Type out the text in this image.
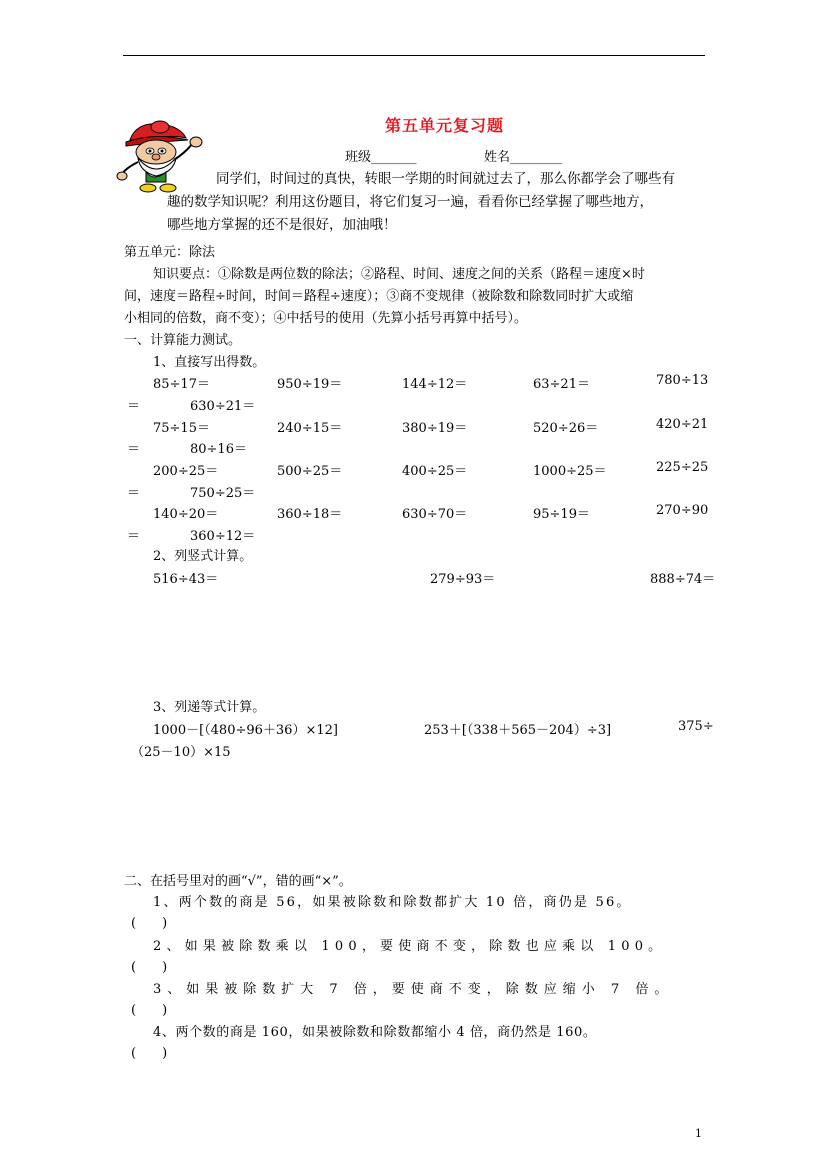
第五单元复习题
班级_______	姓名________
同学们，时间过的真快，转眼一学期的时间就过去了，那么你都学会了哪些有
趣的数学知识呢？利用这份题目，将它们复习一遍，看看你已经掌握了哪些地方，
哪些地方掌握的还不是很好，加油哦！
第五单元：除法
知识要点：①除数是两位数的除法；②路程、时间、速度之间的关系（路程＝速度×时
间，速度＝路程÷时间，时间＝路程÷速度）；③商不变规律（被除数和除数同时扩大或缩
小相同的倍数，商不变）；④中括号的使用（先算小括号再算中括号）。
一、计算能力测试。
1、直接写出得数。
85÷17＝	950÷19＝	144÷12＝	63÷21＝	780÷13
＝	630÷21＝
75÷15＝	240÷15＝	380÷19＝	520÷26＝	420÷21
＝	80÷16＝
200÷25＝	500÷25＝	400÷25＝	1000÷25＝	225÷25
＝	750÷25＝
140÷20＝	360÷18＝	630÷70＝	95÷19＝	270÷90
＝	360÷12＝
2、列竖式计算。
516÷43＝	279÷93＝	888÷74＝
3、列递等式计算。
1000－[（480÷96＋36）×12]	253＋[（338＋565－204）÷3]	375÷
（25－10）×15
二、在括号里对的画“√”，错的画“×”。
1、两个数的商是 56，如果被除数和除数都扩大 10 倍，商仍是 56。
(　　)
2、如果被除数乘以 100，要使商不变，除数也应乘以 100。
(　　)
3、如果被除数扩大 7 倍，要使商不变，除数应缩小 7 倍。
(　　)
4、两个数的商是 160，如果被除数和除数都缩小 4 倍，商仍然是 160。
(　　)
1
